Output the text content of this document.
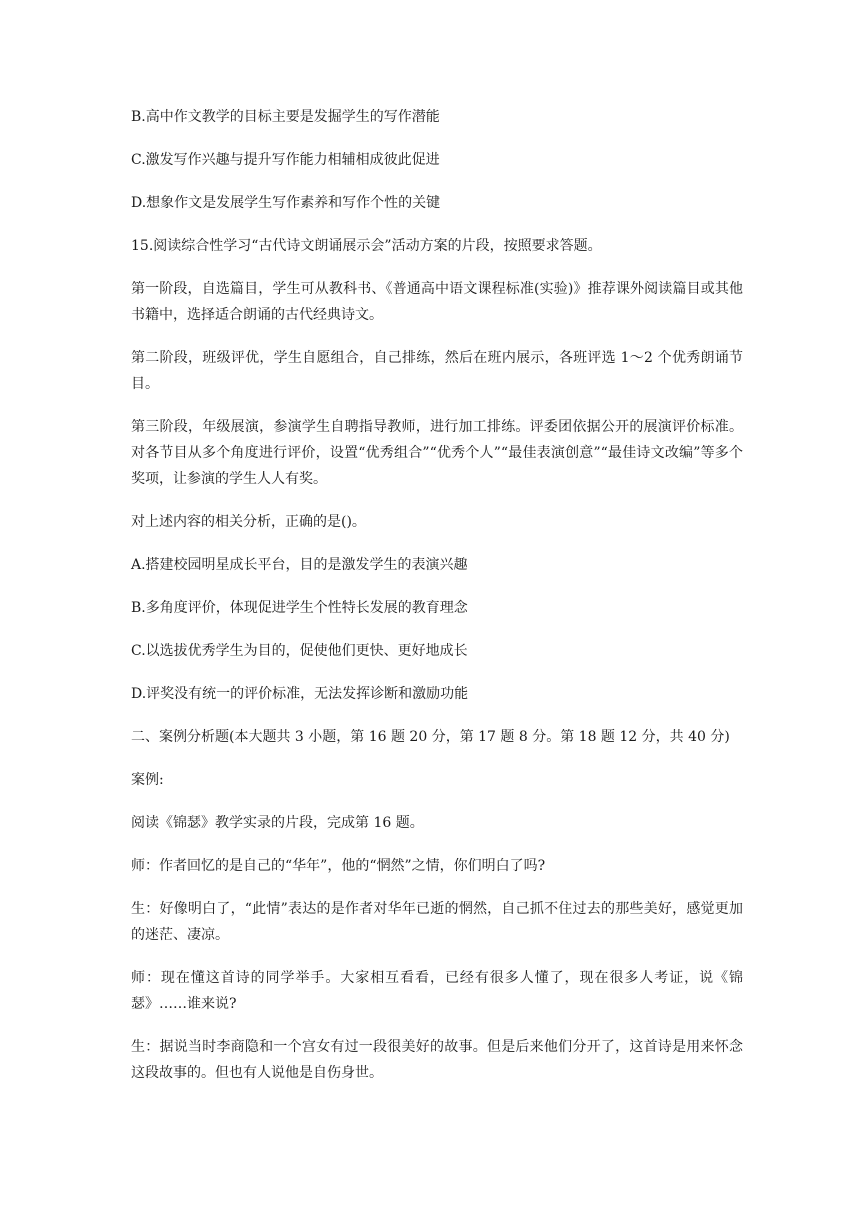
B.高中作文教学的目标主要是发掘学生的写作潜能

C.激发写作兴趣与提升写作能力相辅相成彼此促进

D.想象作文是发展学生写作素养和写作个性的关键

15.阅读综合性学习“古代诗文朗诵展示会”活动方案的片段，按照要求答题。

第一阶段，自选篇目，学生可从教科书、《普通高中语文课程标准(实验)》推荐课外阅读篇目或其他书籍中，选择适合朗诵的古代经典诗文。

第二阶段，班级评优，学生自愿组合，自己排练，然后在班内展示，各班评选 1～2 个优秀朗诵节目。

第三阶段，年级展演，参演学生自聘指导教师，进行加工排练。评委团依据公开的展演评价标准。对各节目从多个角度进行评价，设置“优秀组合”“优秀个人”“最佳表演创意”“最佳诗文改编”等多个奖项，让参演的学生人人有奖。

对上述内容的相关分析，正确的是()。

A.搭建校园明星成长平台，目的是激发学生的表演兴趣

B.多角度评价，体现促进学生个性特长发展的教育理念

C.以选拔优秀学生为目的，促使他们更快、更好地成长

D.评奖没有统一的评价标准，无法发挥诊断和激励功能

二、案例分析题(本大题共 3 小题，第 16 题 20 分，第 17 题 8 分。第 18 题 12 分，共 40 分)

案例:

阅读《锦瑟》教学实录的片段，完成第 16 题。

师：作者回忆的是自己的“华年”，他的“惘然”之情，你们明白了吗?

生：好像明白了，“此情”表达的是作者对华年已逝的惘然，自己抓不住过去的那些美好，感觉更加的迷茫、凄凉。

师：现在懂这首诗的同学举手。大家相互看看，已经有很多人懂了，现在很多人考证，说《锦瑟》……谁来说?

生：据说当时李商隐和一个宫女有过一段很美好的故事。但是后来他们分开了，这首诗是用来怀念这段故事的。但也有人说他是自伤身世。
